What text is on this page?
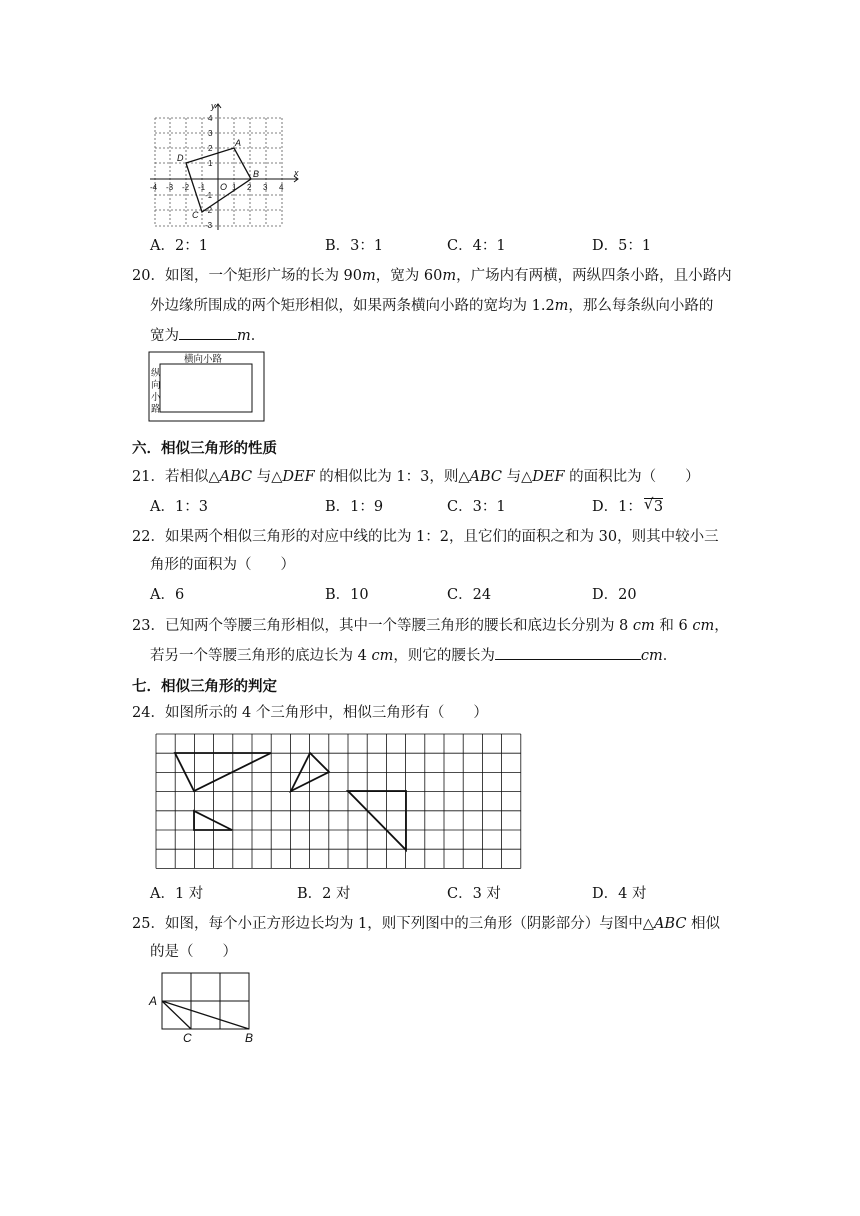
y
x
O
A
B
C
D
-4 -3 -2 -1	1 2 3 4
4
3
2
1
-1
-2
-3
A．2：1	B．3：1	C．4：1	D．5：1
20．如图，一个矩形广场的长为 90m，宽为 60m，广场内有两横，两纵四条小路，且小路内
外边缘所围成的两个矩形相似，如果两条横向小路的宽均为 1.2m，那么每条纵向小路的
宽为	m．
横向小路
纵
向
小
路
六．相似三角形的性质
21．若相似△ABC 与△DEF 的相似比为 1：3，则△ABC 与△DEF 的面积比为（　　）
A．1：3	B．1：9	C．3：1	D．1： √ 3
22．如果两个相似三角形的对应中线的比为 1：2，且它们的面积之和为 30，则其中较小三
角形的面积为（　　）
A．6	B．10	C．24	D．20
23．已知两个等腰三角形相似，其中一个等腰三角形的腰长和底边长分别为 8 cm 和 6 cm，
若另一个等腰三角形的底边长为 4 cm，则它的腰长为	cm．
七．相似三角形的判定
24．如图所示的 4 个三角形中，相似三角形有（　　）
A．1 对	B．2 对	C．3 对	D．4 对
25．如图，每个小正方形边长均为 1，则下列图中的三角形（阴影部分）与图中△ABC 相似
的是（　　）
A
C	B
